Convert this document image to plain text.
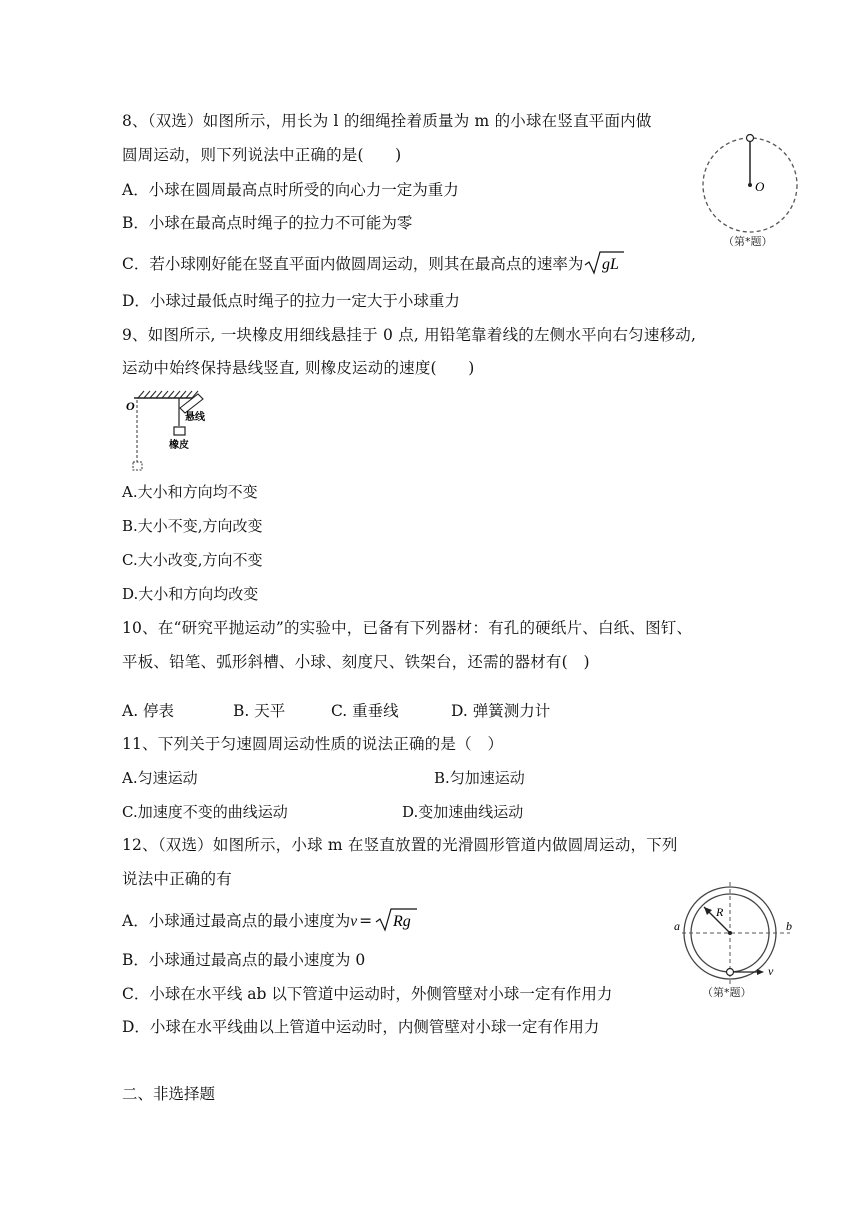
8、（双选）如图所示，用长为 l 的细绳拴着质量为 m 的小球在竖直平面内做
圆周运动，则下列说法中正确的是(　　)
A．小球在圆周最高点时所受的向心力一定为重力
B．小球在最高点时绳子的拉力不可能为零
C．若小球刚好能在竖直平面内做圆周运动，则其在最高点的速率为 gL
D．小球过最低点时绳子的拉力一定大于小球重力
O
（第*题）
9、如图所示, 一块橡皮用细线悬挂于 0 点, 用铅笔靠着线的左侧水平向右匀速移动,
运动中始终保持悬线竖直, 则橡皮运动的速度(　　)
O
悬线
橡皮
A.大小和方向均不变
B.大小不变,方向改变
C.大小改变,方向不变
D.大小和方向均改变
10、在“研究平抛运动”的实验中，已备有下列器材：有孔的硬纸片、白纸、图钉、
平板、铅笔、弧形斜槽、小球、刻度尺、铁架台，还需的器材有(　)
A. 停表	B. 天平	C. 重垂线	D. 弹簧测力计
11、下列关于匀速圆周运动性质的说法正确的是（　）
A.匀速运动	B.匀加速运动
C.加速度不变的曲线运动	D.变加速曲线运动
12、（双选）如图所示，小球 m 在竖直放置的光滑圆形管道内做圆周运动，下列
说法中正确的有
A．小球通过最高点的最小速度为v = Rg
B．小球通过最高点的最小速度为 0
C．小球在水平线 ab 以下管道中运动时，外侧管壁对小球一定有作用力
D．小球在水平线曲以上管道中运动时，内侧管壁对小球一定有作用力
R
a	b
v
（第*题）
二、非选择题
